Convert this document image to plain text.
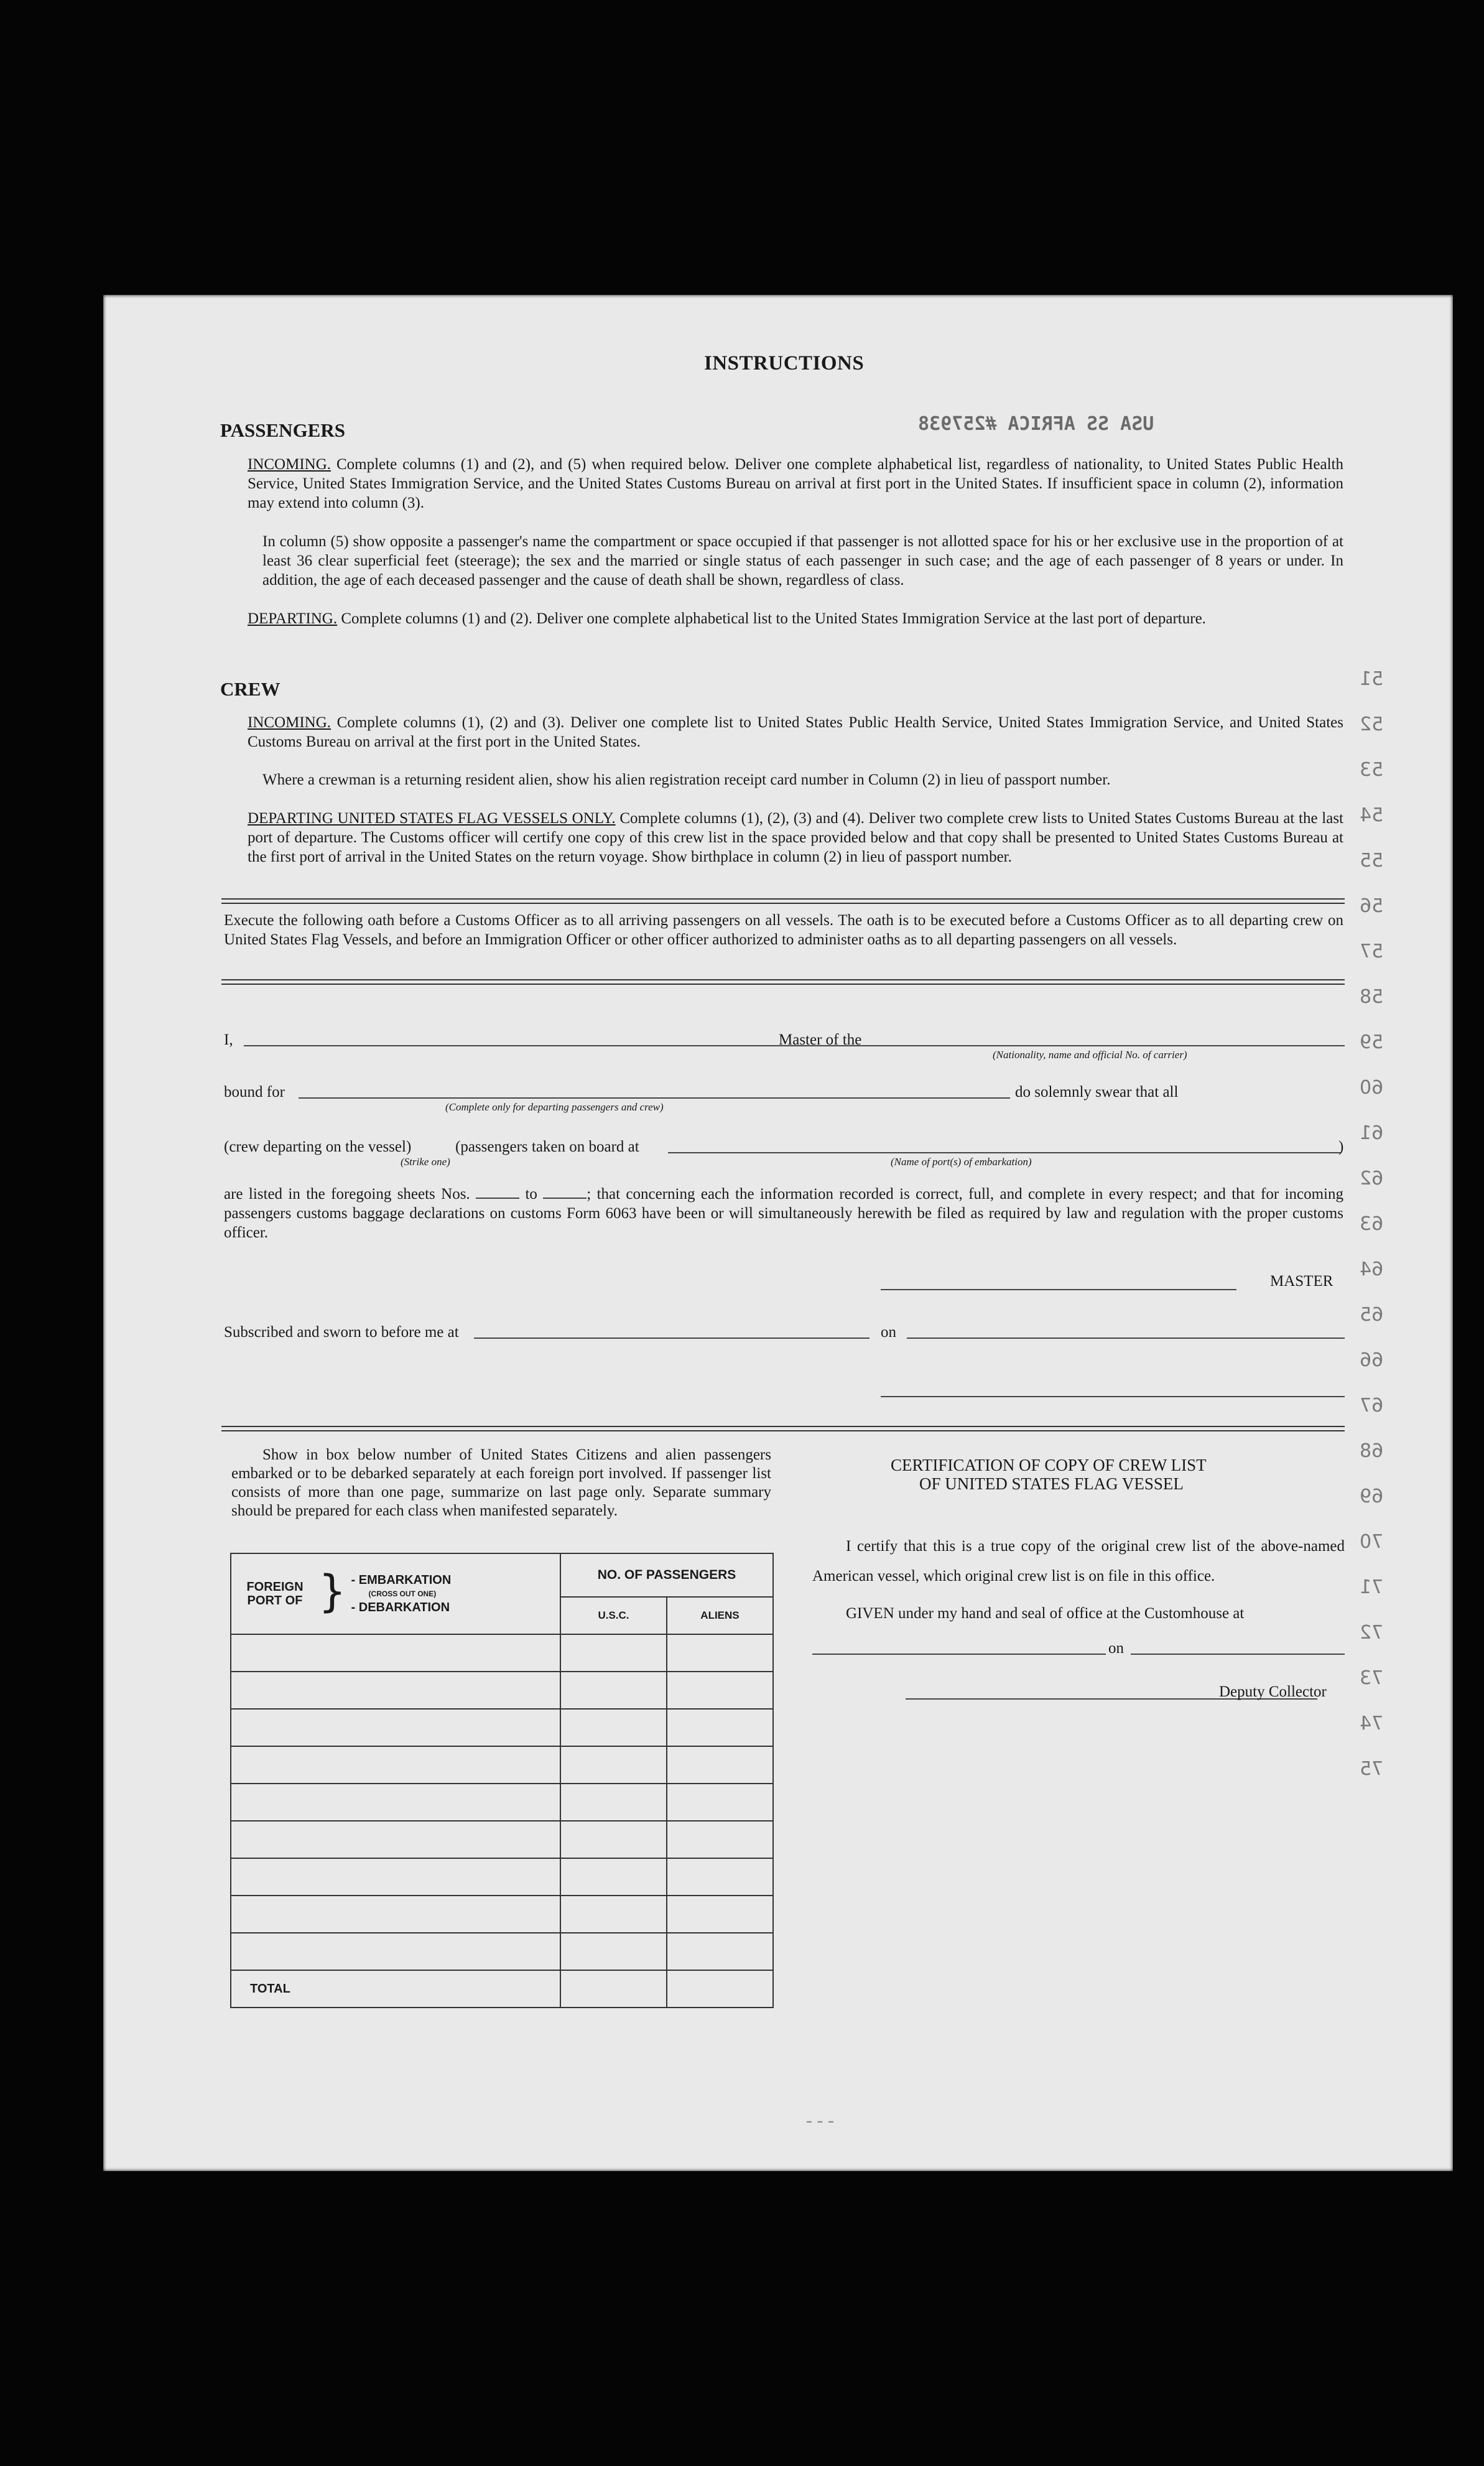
USA SS AFRICA #257938
51
52
53
54
55
56
57
58
59
60
61
62
63
64
65
66
67
68
69
70
71
72
73
74
75
INSTRUCTIONS
PASSENGERS
INCOMING. Complete columns (1) and (2), and (5) when required below. Deliver one complete alphabetical list, regardless of nationality, to United States Public Health Service, United States Immigration Service, and the United States Customs Bureau on arrival at first port in the United States. If insufficient space in column (2), information may extend into column (3).
In column (5) show opposite a passenger's name the compartment or space occupied if that passenger is not allotted space for his or her exclusive use in the proportion of at least 36 clear superficial feet (steerage); the sex and the married or single status of each passenger in such case; and the age of each passenger of 8 years or under. In addition, the age of each deceased passenger and the cause of death shall be shown, regardless of class.
DEPARTING. Complete columns (1) and (2). Deliver one complete alphabetical list to the United States Immigration Service at the last port of departure.
CREW
INCOMING. Complete columns (1), (2) and (3). Deliver one complete list to United States Public Health Service, United States Immigration Service, and United States Customs Bureau on arrival at the first port in the United States.
Where a crewman is a returning resident alien, show his alien registration receipt card number in Column (2) in lieu of passport number.
DEPARTING UNITED STATES FLAG VESSELS ONLY. Complete columns (1), (2), (3) and (4). Deliver two complete crew lists to United States Customs Bureau at the last port of departure. The Customs officer will certify one copy of this crew list in the space provided below and that copy shall be presented to United States Customs Bureau at the first port of arrival in the United States on the return voyage. Show birthplace in column (2) in lieu of passport number.
Execute the following oath before a Customs Officer as to all arriving passengers on all vessels. The oath is to be executed before a Customs Officer as to all departing crew on United States Flag Vessels, and before an Immigration Officer or other officer authorized to administer oaths as to all departing passengers on all vessels.
I,	Master of the
(Nationality, name and official No. of carrier)
bound for	do solemnly swear that all
(Complete only for departing passengers and crew)
(crew departing on the vessel)	(passengers taken on board at	)
(Strike one)	(Name of port(s) of embarkation)
are listed in the foregoing sheets Nos.	to	; that concerning each the information recorded is correct, full, and complete in every respect; and that for incoming passengers customs baggage declarations on customs Form 6063 have been or will simultaneously herewith be filed as required by law and regulation with the proper customs officer.
MASTER
Subscribed and sworn to before me at	on
Show in box below number of United States Citizens and alien passengers embarked or to be debarked separately at each foreign port involved. If passenger list consists of more than one page, summarize on last page only. Separate summary should be prepared for each class when manifested separately.
FOREIGN PORT OF } - EMBARKATION
(CROSS OUT ONE)
- DEBARKATION	NO. OF PASSENGERS	
	U.S.C.	ALIENS

TOTAL		
CERTIFICATION OF COPY OF CREW LIST
OF UNITED STATES FLAG VESSEL
I certify that this is a true copy of the original crew list of the above-named American vessel, which original crew list is on file in this office.
GIVEN under my hand and seal of office at the Customhouse at
on
Deputy Collector
- - -
